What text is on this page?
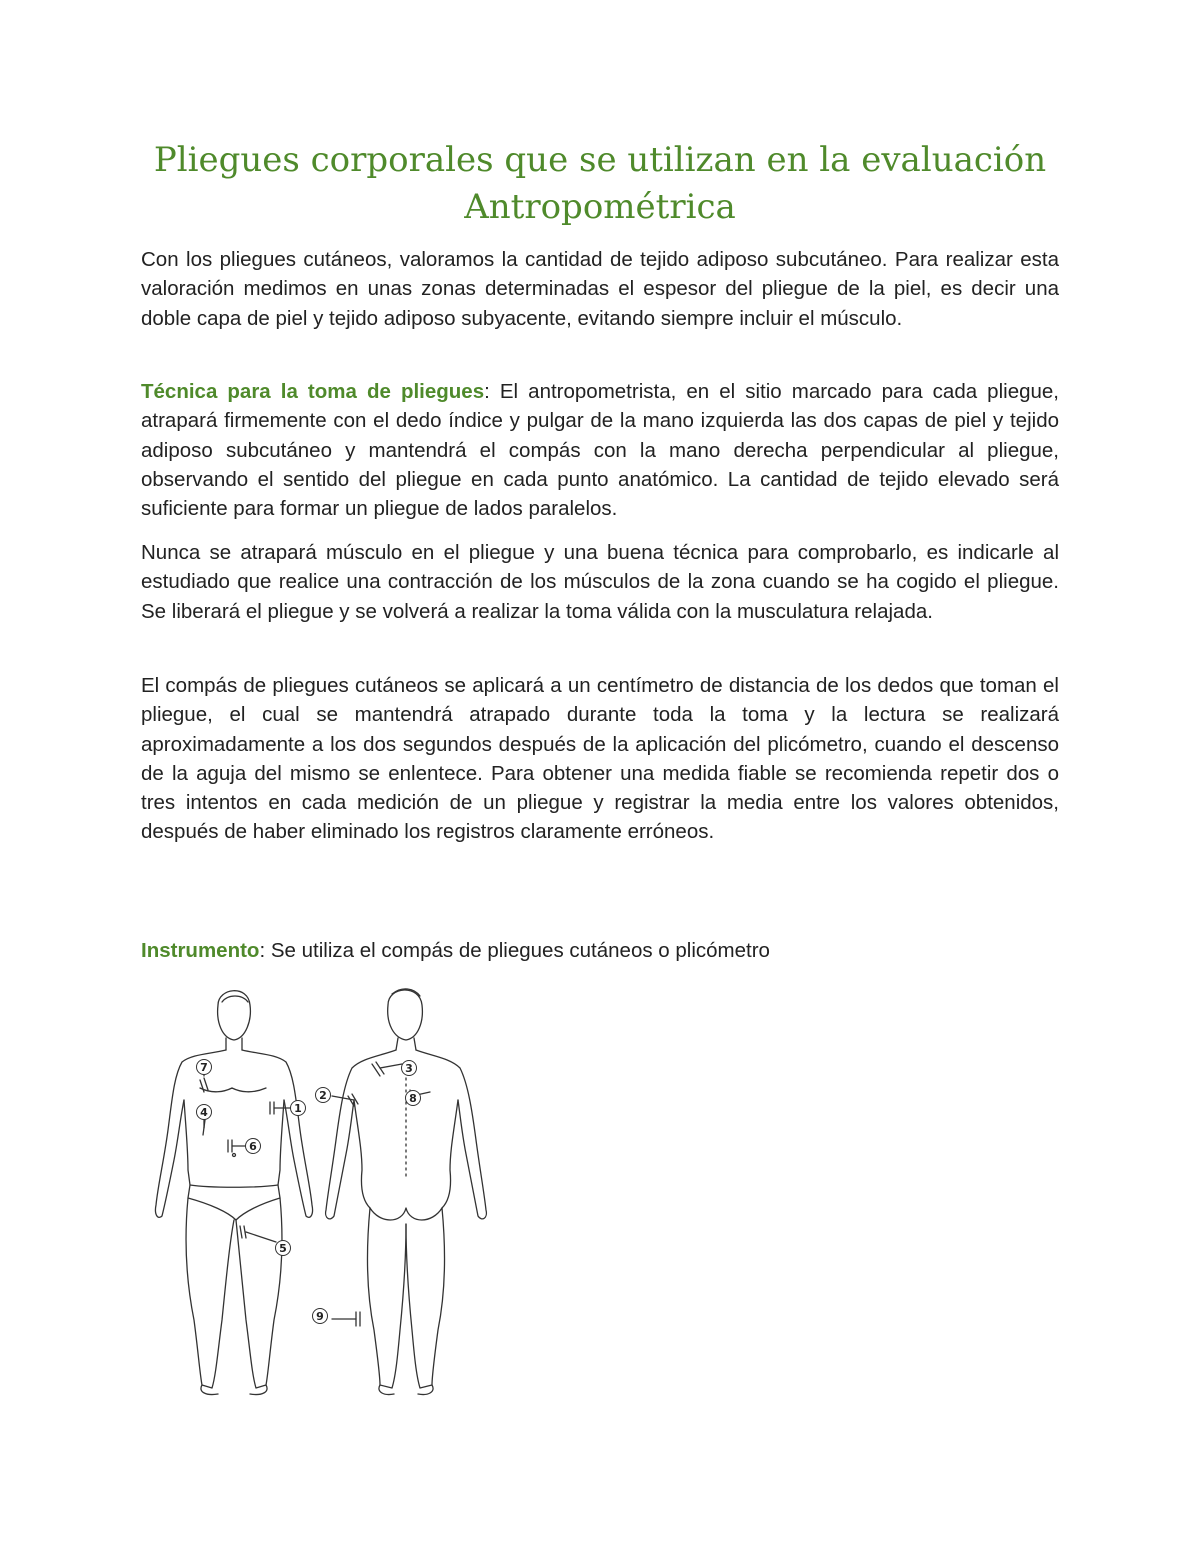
Pliegues corporales que se utilizan en la evaluación
Antropométrica

Con los pliegues cutáneos, valoramos la cantidad de tejido adiposo subcutáneo. Para realizar esta valoración medimos en unas zonas determinadas el espesor del pliegue de la piel, es decir una doble capa de piel y tejido adiposo subyacente, evitando siempre incluir el músculo.

Técnica para la toma de pliegues: El antropometrista, en el sitio marcado para cada pliegue, atrapará firmemente con el dedo índice y pulgar de la mano izquierda las dos capas de piel y tejido adiposo subcutáneo y mantendrá el compás con la mano derecha perpendicular al pliegue, observando el sentido del pliegue en cada punto anatómico. La cantidad de tejido elevado será suficiente para formar un pliegue de lados paralelos.

Nunca se atrapará músculo en el pliegue y una buena técnica para comprobarlo, es indicarle al estudiado que realice una contracción de los músculos de la zona cuando se ha cogido el pliegue. Se liberará el pliegue y se volverá a realizar la toma válida con la musculatura relajada.

El compás de pliegues cutáneos se aplicará a un centímetro de distancia de los dedos que toman el pliegue, el cual se mantendrá atrapado durante toda la toma y la lectura se realizará aproximadamente a los dos segundos después de la aplicación del plicómetro, cuando el descenso de la aguja del mismo se enlentece. Para obtener una medida fiable se recomienda repetir dos o tres intentos en cada medición de un pliegue y registrar la media entre los valores obtenidos, después de haber eliminado los registros claramente erróneos.

Instrumento: Se utiliza el compás de pliegues cutáneos o plicómetro

7
4	1
6
5
3
2	8
9
